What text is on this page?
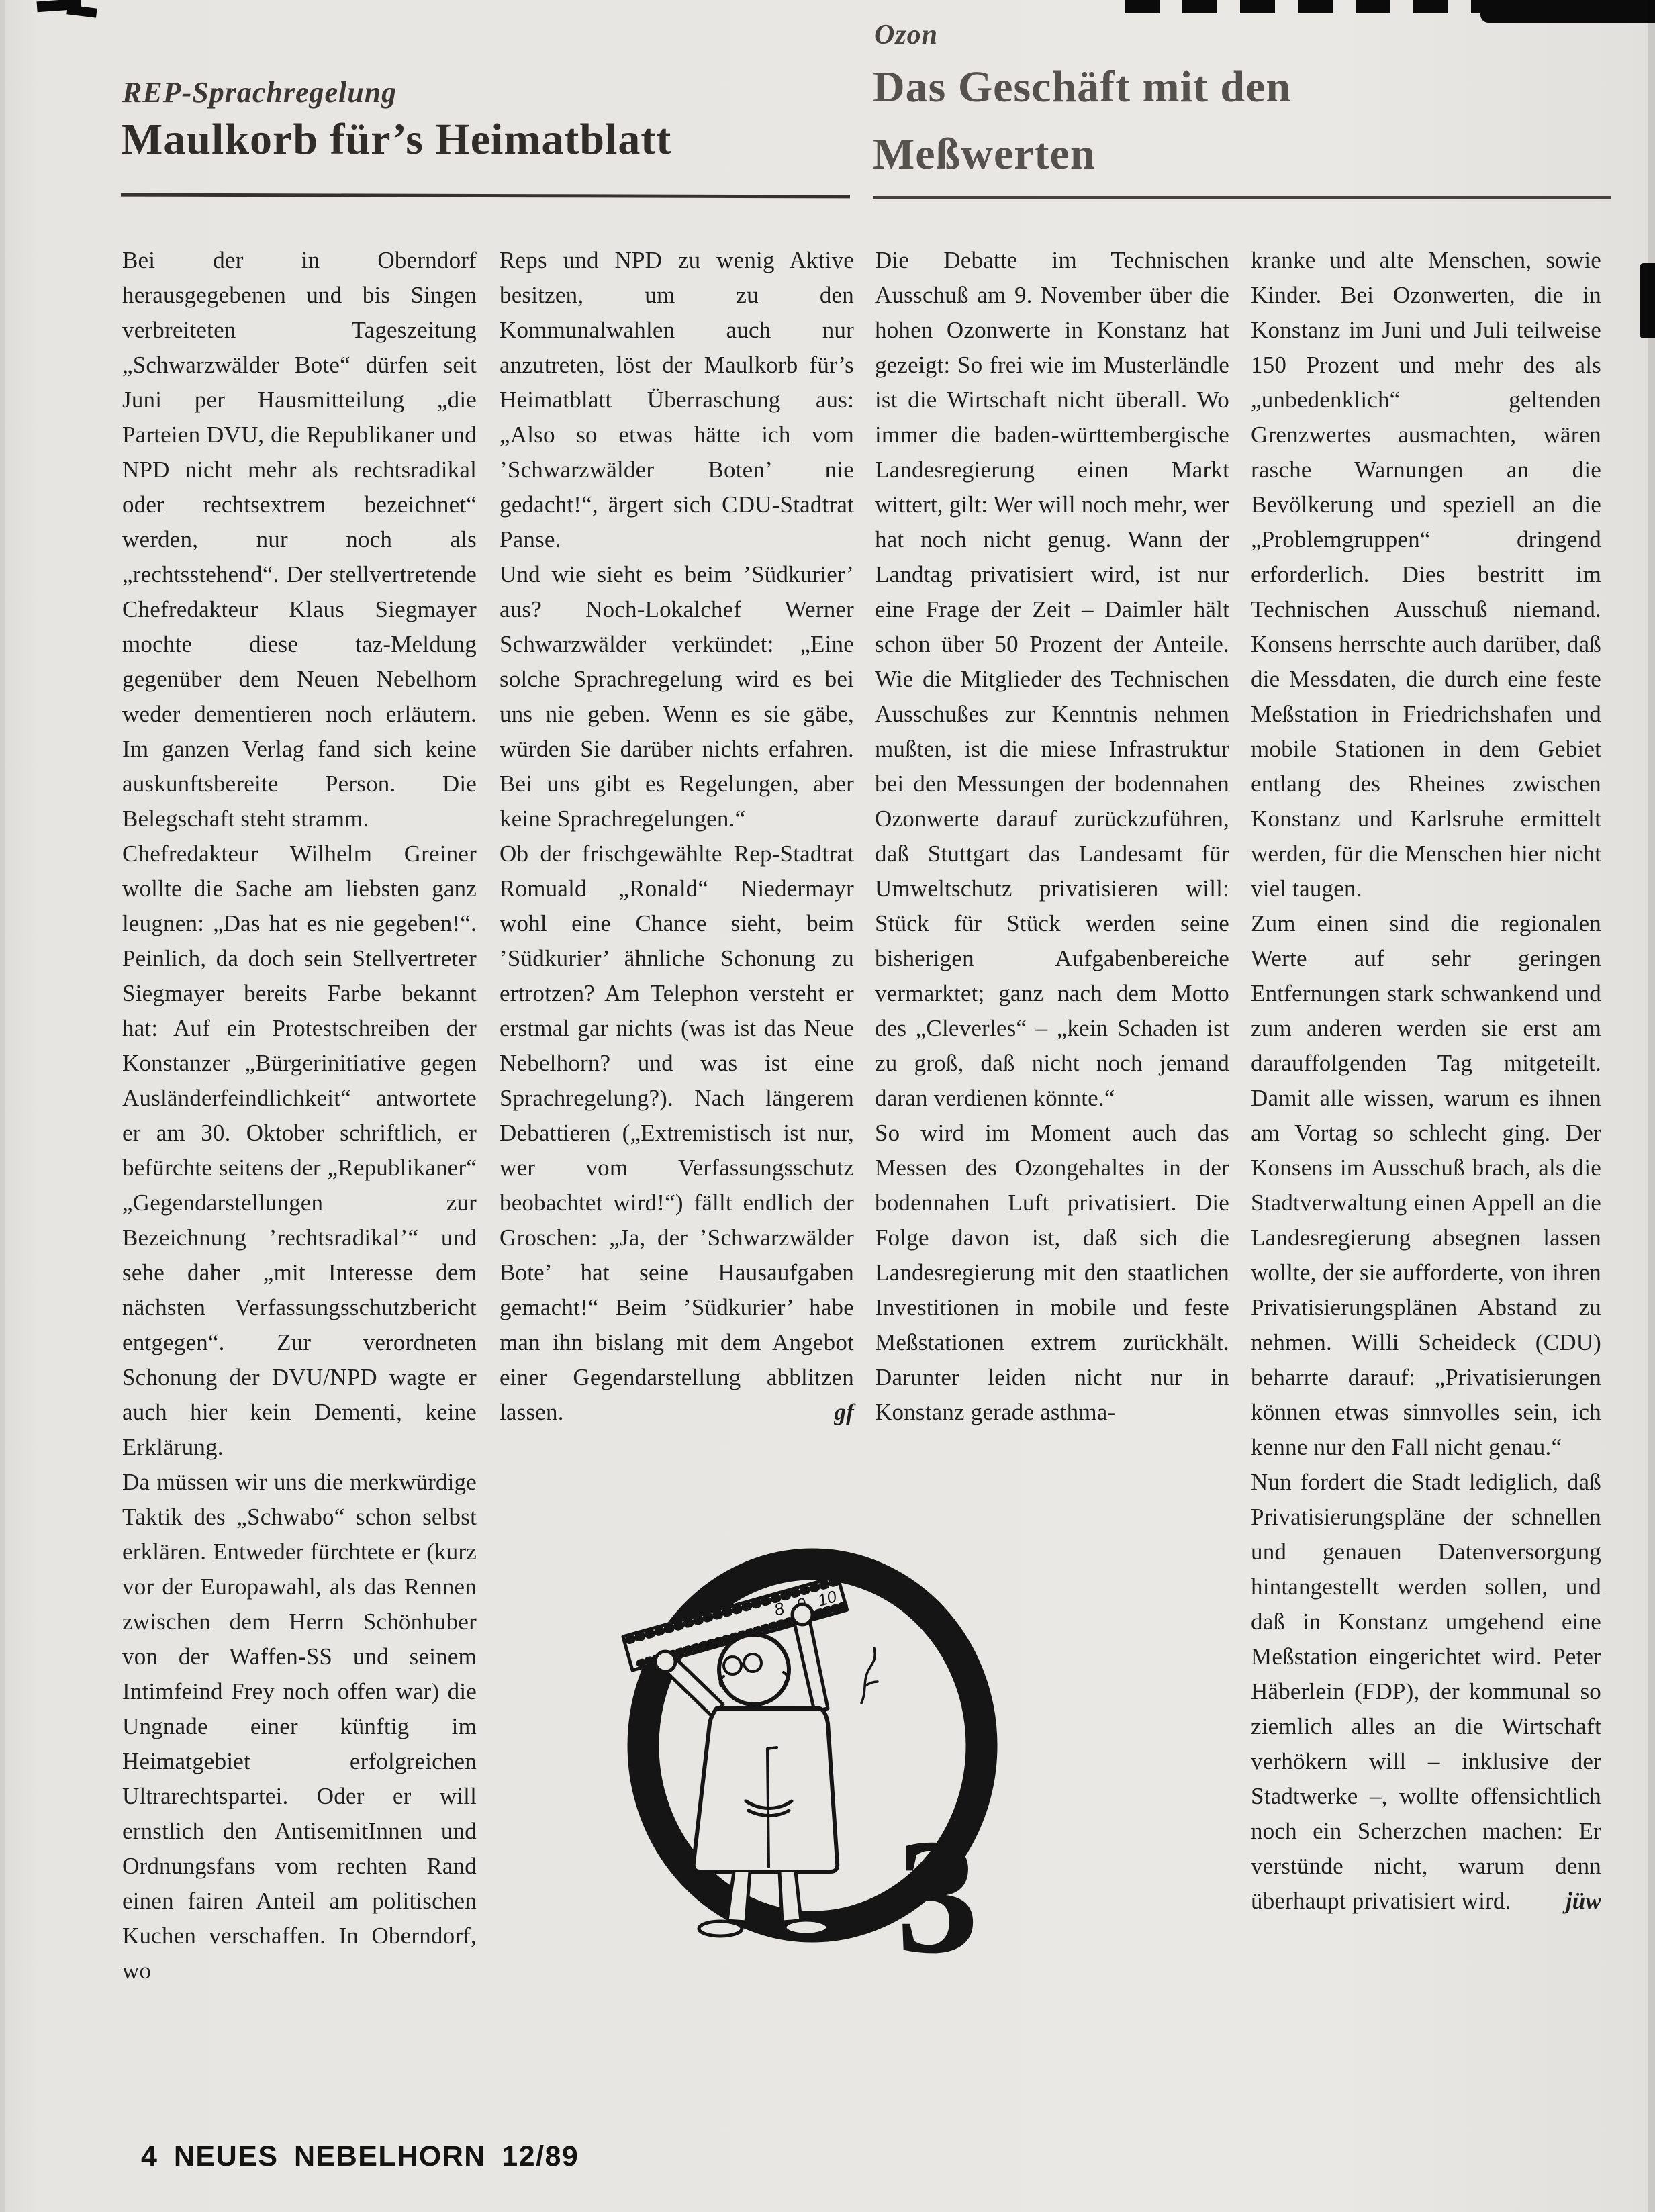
REP-Sprachregelung
Maulkorb für’s Heimatblatt
Ozon
Das Geschäft mit den Meßwerten

Bei der in Oberndorf herausgegebenen und bis Singen verbreiteten Tageszeitung „Schwarzwälder Bote“ dürfen seit Juni per Hausmitteilung „die Parteien DVU, die Republikaner und NPD nicht mehr als rechtsradikal oder rechtsextrem bezeichnet“ werden, nur noch als „rechtsstehend“. Der stellvertretende Chefredakteur Klaus Siegmayer mochte diese taz-Meldung gegenüber dem Neuen Nebelhorn weder dementieren noch erläutern. Im ganzen Verlag fand sich keine auskunftsbereite Person. Die Belegschaft steht stramm.

Chefredakteur Wilhelm Greiner wollte die Sache am liebsten ganz leugnen: „Das hat es nie gegeben!“. Peinlich, da doch sein Stellvertreter Siegmayer bereits Farbe bekannt hat: Auf ein Protestschreiben der Konstanzer „Bürgerinitiative gegen Ausländerfeindlichkeit“ antwortete er am 30. Oktober schriftlich, er befürchte seitens der „Republikaner“ „Gegendarstellungen zur Bezeichnung ’rechtsradikal’“ und sehe daher „mit Interesse dem nächsten Verfassungsschutzbericht entgegen“. Zur verordneten Schonung der DVU/NPD wagte er auch hier kein Dementi, keine Erklärung.

Da müssen wir uns die merkwürdige Taktik des „Schwabo“ schon selbst erklären. Entweder fürchtete er (kurz vor der Europawahl, als das Rennen zwischen dem Herrn Schönhuber von der Waffen-SS und seinem Intimfeind Frey noch offen war) die Ungnade einer künftig im Heimatgebiet erfolgreichen Ultrarechtspartei. Oder er will ernstlich den AntisemitInnen und Ordnungsfans vom rechten Rand einen fairen Anteil am politischen Kuchen verschaffen. In Oberndorf, wo

Reps und NPD zu wenig Aktive besitzen, um zu den Kommunalwahlen auch nur anzutreten, löst der Maulkorb für’s Heimatblatt Überraschung aus: „Also so etwas hätte ich vom ’Schwarzwälder Boten’ nie gedacht!“, ärgert sich CDU-Stadtrat Panse.

Und wie sieht es beim ’Südkurier’ aus? Noch-Lokalchef Werner Schwarzwälder verkündet: „Eine solche Sprachregelung wird es bei uns nie geben. Wenn es sie gäbe, würden Sie darüber nichts erfahren. Bei uns gibt es Regelungen, aber keine Sprachregelungen.“

Ob der frischgewählte Rep-Stadtrat Romuald „Ronald“ Niedermayr wohl eine Chance sieht, beim ’Südkurier’ ähnliche Schonung zu ertrotzen? Am Telephon versteht er erstmal gar nichts (was ist das Neue Nebelhorn? und was ist eine Sprachregelung?). Nach längerem Debattieren („Extremistisch ist nur, wer vom Verfassungsschutz beobachtet wird!“) fällt endlich der Groschen: „Ja, der ’Schwarzwälder Bote’ hat seine Hausaufgaben gemacht!“ Beim ’Südkurier’ habe man ihn bislang mit dem Angebot einer Gegendarstellung abblitzen lassen.	gf

Die Debatte im Technischen Ausschuß am 9. November über die hohen Ozonwerte in Konstanz hat gezeigt: So frei wie im Musterländle ist die Wirtschaft nicht überall. Wo immer die baden-württembergische Landesregierung einen Markt wittert, gilt: Wer will noch mehr, wer hat noch nicht genug. Wann der Landtag privatisiert wird, ist nur eine Frage der Zeit – Daimler hält schon über 50 Prozent der Anteile. Wie die Mitglieder des Technischen Ausschußes zur Kenntnis nehmen mußten, ist die miese Infrastruktur bei den Messungen der bodennahen Ozonwerte darauf zurückzuführen, daß Stuttgart das Landesamt für Umweltschutz privatisieren will: Stück für Stück werden seine bisherigen Aufgabenbereiche vermarktet; ganz nach dem Motto des „Cleverles“ – „kein Schaden ist zu groß, daß nicht noch jemand daran verdienen könnte.“

So wird im Moment auch das Messen des Ozongehaltes in der bodennahen Luft privatisiert. Die Folge davon ist, daß sich die Landesregierung mit den staatlichen Investitionen in mobile und feste Meßstationen extrem zurückhält. Darunter leiden nicht nur in Konstanz gerade asthma-

kranke und alte Menschen, sowie Kinder. Bei Ozonwerten, die in Konstanz im Juni und Juli teilweise 150 Prozent und mehr des als „unbedenklich“ geltenden Grenzwertes ausmachten, wären rasche Warnungen an die Bevölkerung und speziell an die „Problemgruppen“ dringend erforderlich. Dies bestritt im Technischen Ausschuß niemand. Konsens herrschte auch darüber, daß die Messdaten, die durch eine feste Meßstation in Friedrichshafen und mobile Stationen in dem Gebiet entlang des Rheines zwischen Konstanz und Karlsruhe ermittelt werden, für die Menschen hier nicht viel taugen.

Zum einen sind die regionalen Werte auf sehr geringen Entfernungen stark schwankend und zum anderen werden sie erst am darauffolgenden Tag mitgeteilt. Damit alle wissen, warum es ihnen am Vortag so schlecht ging. Der Konsens im Ausschuß brach, als die Stadtverwaltung einen Appell an die Landesregierung absegnen lassen wollte, der sie aufforderte, von ihren Privatisierungsplänen Abstand zu nehmen. Willi Scheideck (CDU) beharrte darauf: „Privatisierungen können etwas sinnvolles sein, ich kenne nur den Fall nicht genau.“

Nun fordert die Stadt lediglich, daß Privatisierungspläne der schnellen und genauen Datenversorgung hintangestellt werden sollen, und daß in Konstanz umgehend eine Meßstation eingerichtet wird. Peter Häberlein (FDP), der kommunal so ziemlich alles an die Wirtschaft verhökern will – inklusive der Stadtwerke –, wollte offensichtlich noch ein Scherzchen machen: Er verstünde nicht, warum denn überhaupt privatisiert wird.	jüw

8 10
3
4 NEUES NEBELHORN 12/89
